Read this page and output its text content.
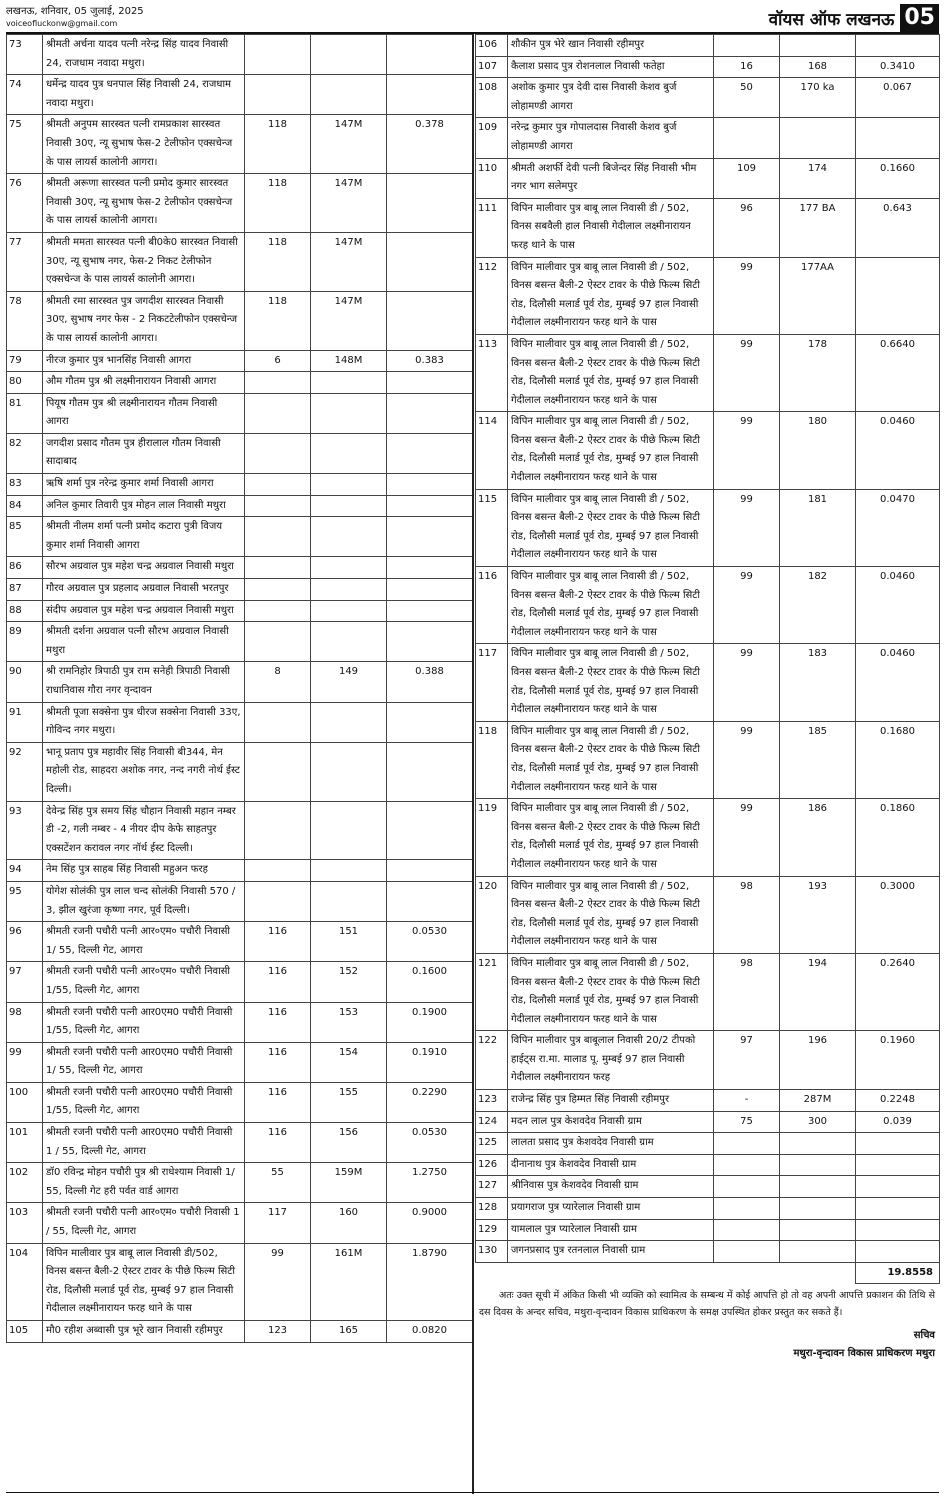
लखनऊ, शनिवार, 05 जुलाई, 2025
voiceofluckonw@gmail.com	वॉयस ऑफ लखनऊ 05
73	श्रीमती अर्चना यादव पत्नी नरेन्द्र सिंह यादव निवासी 24, राजधाम नवादा मथुरा।			
74	धर्मेन्द्र यादव पुत्र धनपाल सिंह निवासी 24, राजधाम नवादा मथुरा।			
75	श्रीमती अनुपम सारस्वत पत्नी रामप्रकाश सारस्वत निवासी 30ए, न्यू सुभाष फेस-2 टेलीफोन एक्सचेन्ज के पास लायर्स कालोनी आगरा।	118	147M	0.378
76	श्रीमती अरूणा सारस्वत पत्नी प्रमोद कुमार सारस्वत निवासी 30ए, न्यू सुभाष फेस-2 टेलीफोन एक्सचेन्ज के पास लायर्स कालोनी आगरा।	118	147M	
77	श्रीमती ममता सारस्वत पत्नी बी0के0 सारस्वत निवासी 30ए, न्यू सुभाष नगर, फेस-2 निकट टेलीफोन एक्सचेन्ज के पास लायर्स कालोनी आगरा।	118	147M	
78	श्रीमती रमा सारस्वत पुत्र जगदीश सारस्वत निवासी 30ए, सुभाष नगर फेस - 2 निकटटेलीफोन एक्सचेन्ज के पास लायर्स कालोनी आगरा।	118	147M	
79	नीरज कुमार पुत्र भानसिंह निवासी आगरा	6	148M	0.383
80	औम गौतम पुत्र श्री लक्ष्मीनारायन निवासी आगरा			
81	पियूष गौतम पुत्र श्री लक्ष्मीनारायन गौतम निवासी आगरा			
82	जगदीश प्रसाद गौतम पुत्र हीरालाल गौतम निवासी सादाबाद			
83	ऋषि शर्मा पुत्र नरेन्द्र कुमार शर्मा निवासी आगरा			
84	अनिल कुमार तिवारी पुत्र मोहन लाल निवासी मथुरा			
85	श्रीमती नीलम शर्मा पत्नी प्रमोद कटारा पुत्री विजय कुमार शर्मा निवासी आगरा			
86	सौरभ अग्रवाल पुत्र महेश चन्द्र अग्रवाल निवासी मथुरा			
87	गौरव अग्रवाल पुत्र प्रहलाद अग्रवाल निवासी भरतपुर			
88	संदीप अग्रवाल पुत्र महेश चन्द्र अग्रवाल निवासी मथुरा			
89	श्रीमती दर्शना अग्रवाल पत्नी सौरभ अग्रवाल निवासी मथुरा			
90	श्री रामनिहोर त्रिपाठी पुत्र राम सनेही त्रिपाठी निवासी राधानिवास गौरा नगर वृन्दावन	8	149	0.388
91	श्रीमती पूजा सक्सेना पुत्र धीरज सक्सेना निवासी 33ए, गोविन्द नगर मथुरा।			
92	भानू प्रताप पुत्र महावीर सिंह निवासी बी344, मेन महोली रोड, साहदरा अशोक नगर, नन्द नगरी नोर्थ ईस्ट दिल्ली।			
93	देवेन्द्र सिंह पुत्र समय सिंह चौहान निवासी महान नम्बर डी -2, गली नम्बर - 4 नीयर दीप केफे साहतपुर एक्सटेंशन करावल नगर नॉर्थ ईस्ट दिल्ली।			
94	नेम सिंह पुत्र साहब सिंह निवासी महुअन फरह			
95	योगेश सोलंकी पुत्र लाल चन्द सोलंकी निवासी 570 / 3, झील खुरंजा कृष्णा नगर, पूर्व दिल्ली।			
96	श्रीमती रजनी पचौरी पत्नी आर०एम० पचौरी निवासी 1/ 55, दिल्ली गेट, आगरा	116	151	0.0530
97	श्रीमती रजनी पचौरी पत्नी आर०एम० पचौरी निवासी 1/55, दिल्ली गेट, आगरा	116	152	0.1600
98	श्रीमती रजनी पचौरी पत्नी आर0एम0 पचौरी निवासी 1/55, दिल्ली गेट, आगरा	116	153	0.1900
99	श्रीमती रजनी पचौरी पत्नी आर0एम0 पचौरी निवासी 1/ 55, दिल्ली गेट, आगरा	116	154	0.1910
100	श्रीमती रजनी पचौरी पत्नी आर0एम0 पचौरी निवासी 1/55, दिल्ली गेट, आगरा	116	155	0.2290
101	श्रीमती रजनी पचौरी पत्नी आर0एम0 पचौरी निवासी 1 / 55, दिल्ली गेट, आगरा	116	156	0.0530
102	डॉ0 रविन्द्र मोहन पचौरी पुत्र श्री राधेश्याम निवासी 1/ 55, दिल्ली गेट हरी पर्वत वार्ड आगरा	55	159M	1.2750
103	श्रीमती रजनी पचौरी पत्नी आर०एम० पचौरी निवासी 1 / 55, दिल्ली गेट, आगरा	117	160	0.9000
104	विपिन मालीवार पुत्र बाबू लाल निवासी डी/502, विनस बसन्त बैली-2 ऐस्टर टावर के पीछे फिल्म सिटी रोड, दिलौसी मलार्ड पूर्व रोड, मुम्बई 97 हाल निवासी गेदीलाल लक्ष्मीनारायन फरह थाने के पास	99	161M	1.8790
105	मौ0 रहीश अब्वासी पुत्र भूरे खान निवासी रहीमपुर	123	165	0.0820
106	शौकीन पुत्र भेरे खान निवासी रहीमपुर			
107	कैलाश प्रसाद पुत्र रोशनलाल निवासी फतेहा	16	168	0.3410
108	अशोक कुमार पुत्र देवी दास निवासी केशव बुर्ज लोहामण्डी आगरा	50	170 ka	0.067
109	नरेन्द्र कुमार पुत्र गोपालदास निवासी केशव बुर्ज लोहामण्डी आगरा			
110	श्रीमती अशर्फी देवी पत्नी बिजेन्दर सिंह निवासी भीम नगर भाग सलेमपुर	109	174	0.1660
111	विपिन मालीवार पुत्र बाबू लाल निवासी डी / 502, विनस सबवैली हाल निवासी गेदीलाल लक्ष्मीनारायन फरह थाने के पास	96	177 BA	0.643
112	विपिन मालीवार पुत्र बाबू लाल निवासी डी / 502, विनस बसन्त बैली-2 ऐस्टर टावर के पीछे फिल्म सिटी रोड, दिलौसी मलार्ड पूर्व रोड, मुम्बई 97 हाल निवासी गेदीलाल लक्ष्मीनारायन फरह थाने के पास	99	177AA	
113	विपिन मालीवार पुत्र बाबू लाल निवासी डी / 502, विनस बसन्त बैली-2 ऐस्टर टावर के पीछे फिल्म सिटी रोड, दिलौसी मलार्ड पूर्व रोड, मुम्बई 97 हाल निवासी गेदीलाल लक्ष्मीनारायन फरह थाने के पास	99	178	0.6640
114	विपिन मालीवार पुत्र बाबू लाल निवासी डी / 502, विनस बसन्त बैली-2 ऐस्टर टावर के पीछे फिल्म सिटी रोड, दिलौसी मलार्ड पूर्व रोड, मुम्बई 97 हाल निवासी गेदीलाल लक्ष्मीनारायन फरह थाने के पास	99	180	0.0460
115	विपिन मालीवार पुत्र बाबू लाल निवासी डी / 502, विनस बसन्त बैली-2 ऐस्टर टावर के पीछे फिल्म सिटी रोड, दिलौसी मलार्ड पूर्व रोड, मुम्बई 97 हाल निवासी गेदीलाल लक्ष्मीनारायन फरह थाने के पास	99	181	0.0470
116	विपिन मालीवार पुत्र बाबू लाल निवासी डी / 502, विनस बसन्त बैली-2 ऐस्टर टावर के पीछे फिल्म सिटी रोड, दिलौसी मलार्ड पूर्व रोड, मुम्बई 97 हाल निवासी गेदीलाल लक्ष्मीनारायन फरह थाने के पास	99	182	0.0460
117	विपिन मालीवार पुत्र बाबू लाल निवासी डी / 502, विनस बसन्त बैली-2 ऐस्टर टावर के पीछे फिल्म सिटी रोड, दिलौसी मलार्ड पूर्व रोड, मुम्बई 97 हाल निवासी गेदीलाल लक्ष्मीनारायन फरह थाने के पास	99	183	0.0460
118	विपिन मालीवार पुत्र बाबू लाल निवासी डी / 502, विनस बसन्त बैली-2 ऐस्टर टावर के पीछे फिल्म सिटी रोड, दिलौसी मलार्ड पूर्व रोड, मुम्बई 97 हाल निवासी गेदीलाल लक्ष्मीनारायन फरह थाने के पास	99	185	0.1680
119	विपिन मालीवार पुत्र बाबू लाल निवासी डी / 502, विनस बसन्त बैली-2 ऐस्टर टावर के पीछे फिल्म सिटी रोड, दिलौसी मलार्ड पूर्व रोड, मुम्बई 97 हाल निवासी गेदीलाल लक्ष्मीनारायन फरह थाने के पास	99	186	0.1860
120	विपिन मालीवार पुत्र बाबू लाल निवासी डी / 502, विनस बसन्त बैली-2 ऐस्टर टावर के पीछे फिल्म सिटी रोड, दिलौसी मलार्ड पूर्व रोड, मुम्बई 97 हाल निवासी गेदीलाल लक्ष्मीनारायन फरह थाने के पास	98	193	0.3000
121	विपिन मालीवार पुत्र बाबू लाल निवासी डी / 502, विनस बसन्त बैली-2 ऐस्टर टावर के पीछे फिल्म सिटी रोड, दिलौसी मलार्ड पूर्व रोड, मुम्बई 97 हाल निवासी गेदीलाल लक्ष्मीनारायन फरह थाने के पास	98	194	0.2640
122	विपिन मालीवार पुत्र बाबूलाल निवासी 20/2 टीपको हाईट्स रा.मा. मालाड पू. मुम्बई 97 हाल निवासी गेदीलाल लक्ष्मीनारायन फरह	97	196	0.1960
123	राजेन्द्र सिंह पुत्र हिम्मत सिंह निवासी रहीमपुर	-	287M	0.2248
124	मदन लाल पुत्र केशवदेव निवासी ग्राम	75	300	0.039
125	लालता प्रसाद पुत्र केशवदेव निवासी ग्राम			
126	दीनानाथ पुत्र केशवदेव निवासी ग्राम			
127	श्रीनिवास पुत्र केशवदेव निवासी ग्राम			
128	प्रयागराज पुत्र प्यारेलाल निवासी ग्राम			
129	यामलाल पुत्र प्यारेलाल निवासी ग्राम			
130	जगनप्रसाद पुत्र रतनलाल निवासी ग्राम			
				19.8558
अतः उक्त सूची में अंकित किसी भी व्यक्ति को स्वामित्व के सम्बन्ध में कोई आपत्ति हो तो वह अपनी आपत्ति प्रकाशन की तिथि से दस दिवस के अन्दर सचिव, मथुरा-वृन्दावन विकास प्राधिकरण के समक्ष उपस्थित होकर प्रस्तुत कर सकते हैं।
सचिव
मथुरा-वृन्दावन विकास प्राधिकरण मथुरा
